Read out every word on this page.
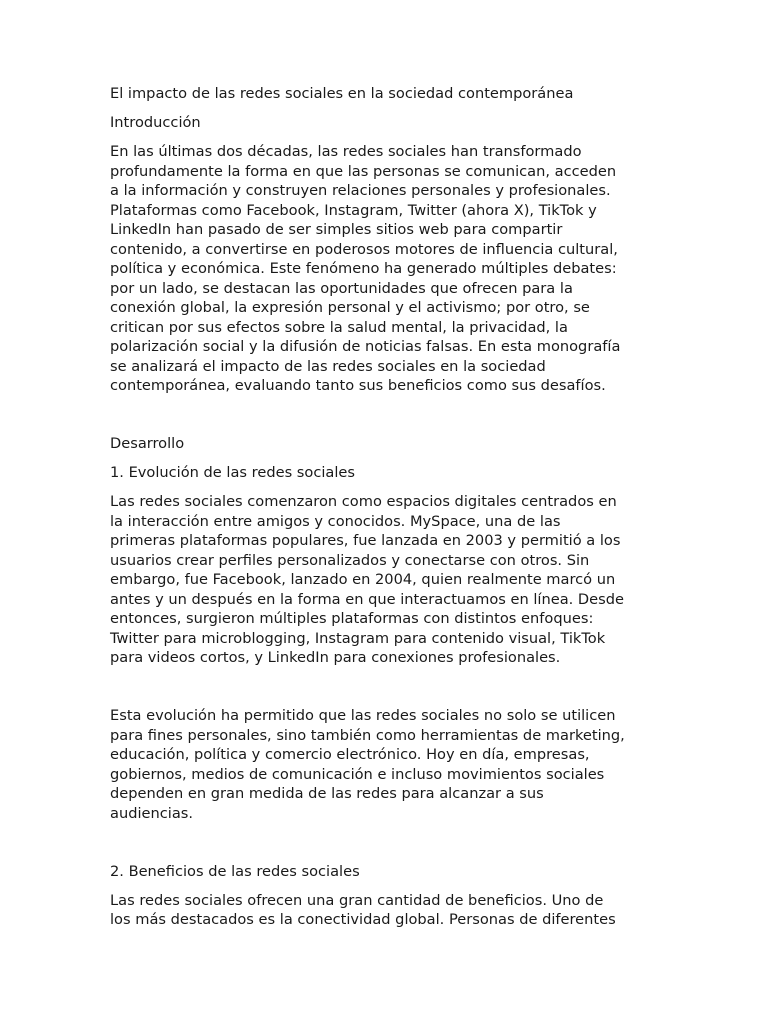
El impacto de las redes sociales en la sociedad contemporánea

Introducción

En las últimas dos décadas, las redes sociales han transformado
profundamente la forma en que las personas se comunican, acceden
a la información y construyen relaciones personales y profesionales.
Plataformas como Facebook, Instagram, Twitter (ahora X), TikTok y
LinkedIn han pasado de ser simples sitios web para compartir
contenido, a convertirse en poderosos motores de influencia cultural,
política y económica. Este fenómeno ha generado múltiples debates:
por un lado, se destacan las oportunidades que ofrecen para la
conexión global, la expresión personal y el activismo; por otro, se
critican por sus efectos sobre la salud mental, la privacidad, la
polarización social y la difusión de noticias falsas. En esta monografía
se analizará el impacto de las redes sociales en la sociedad
contemporánea, evaluando tanto sus beneficios como sus desafíos.

Desarrollo

1. Evolución de las redes sociales

Las redes sociales comenzaron como espacios digitales centrados en
la interacción entre amigos y conocidos. MySpace, una de las
primeras plataformas populares, fue lanzada en 2003 y permitió a los
usuarios crear perfiles personalizados y conectarse con otros. Sin
embargo, fue Facebook, lanzado en 2004, quien realmente marcó un
antes y un después en la forma en que interactuamos en línea. Desde
entonces, surgieron múltiples plataformas con distintos enfoques:
Twitter para microblogging, Instagram para contenido visual, TikTok
para videos cortos, y LinkedIn para conexiones profesionales.

Esta evolución ha permitido que las redes sociales no solo se utilicen
para fines personales, sino también como herramientas de marketing,
educación, política y comercio electrónico. Hoy en día, empresas,
gobiernos, medios de comunicación e incluso movimientos sociales
dependen en gran medida de las redes para alcanzar a sus
audiencias.

2. Beneficios de las redes sociales

Las redes sociales ofrecen una gran cantidad de beneficios. Uno de
los más destacados es la conectividad global. Personas de diferentes
